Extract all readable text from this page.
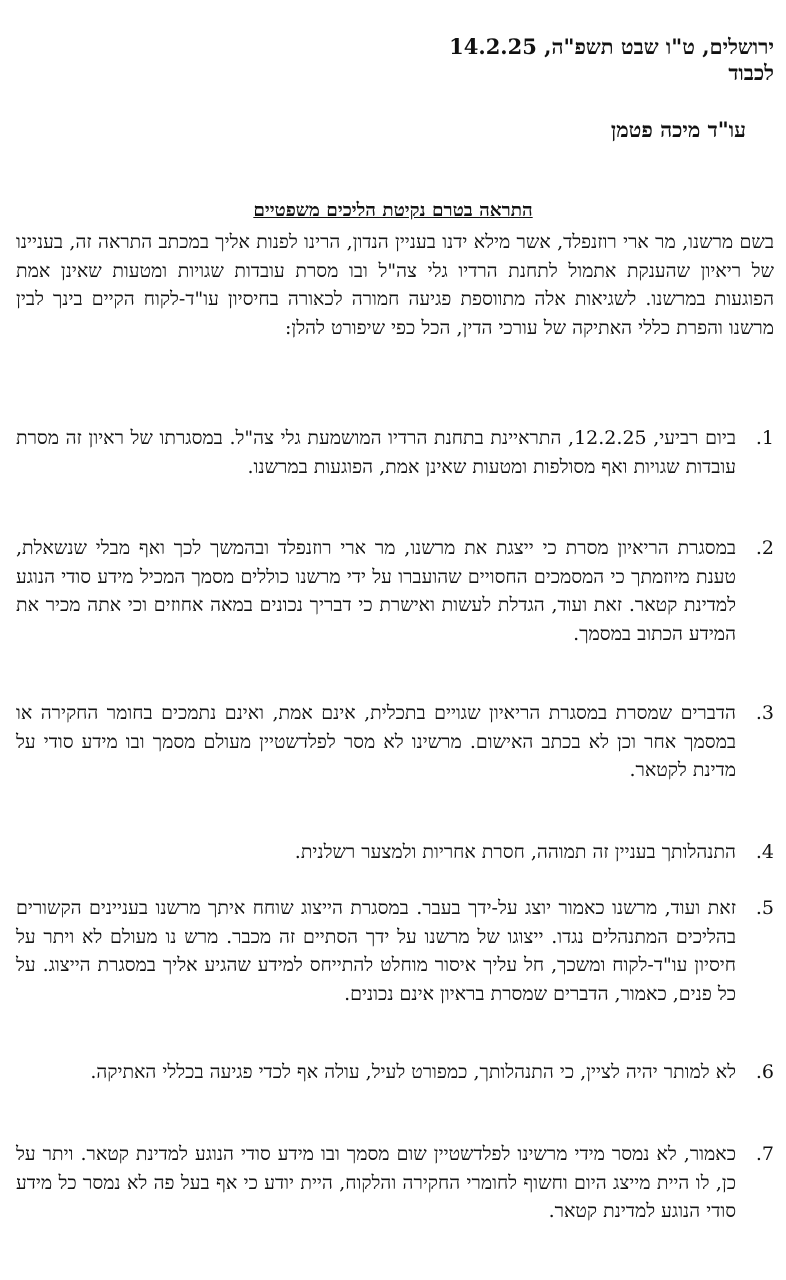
ירושלים, ט"ו שבט תשפ"ה, 14.2.25
לכבוד
עו"ד מיכה פטמן
התראה בטרם נקיטת הליכים משפטיים
בשם מרשנו, מר ארי רוזנפלד, אשר מילא ידנו בעניין הנדון, הרינו לפנות אליך במכתב התראה זה, בעניינו של ריאיון שהענקת אתמול לתחנת הרדיו גלי צה"ל ובו מסרת עובדות שגויות ומטעות שאינן אמת הפוגעות במרשנו. לשגיאות אלה מתווספת פגיעה חמורה לכאורה בחיסיון עו"ד-לקוח הקיים בינך לבין מרשנו והפרת כללי האתיקה של עורכי הדין, הכל כפי שיפורט להלן:
1.
ביום רביעי, 12.2.25, התראיינת בתחנת הרדיו המושמעת גלי צה"ל. במסגרתו של ראיון זה מסרת עובדות שגויות ואף מסולפות ומטעות שאינן אמת, הפוגעות במרשנו.
2.
במסגרת הריאיון מסרת כי ייצגת את מרשנו, מר ארי רוזנפלד ובהמשך לכך ואף מבלי שנשאלת, טענת מיוזמתך כי המסמכים החסויים שהועברו על ידי מרשנו כוללים מסמך המכיל מידע סודי הנוגע למדינת קטאר. זאת ועוד, הגדלת לעשות ואישרת כי דבריך נכונים במאה אחוזים וכי אתה מכיר את המידע הכתוב במסמך.
3.
הדברים שמסרת במסגרת הריאיון שגויים בתכלית, אינם אמת, ואינם נתמכים בחומר החקירה או במסמך אחר וכן לא בכתב האישום. מרשינו לא מסר לפלדשטיין מעולם מסמך ובו מידע סודי על מדינת לקטאר.
4.
התנהלותך בעניין זה תמוהה, חסרת אחריות ולמצער רשלנית.
5.
זאת ועוד, מרשנו כאמור יוצג על-ידך בעבר. במסגרת הייצוג שוחח איתך מרשנו בעניינים הקשורים בהליכים המתנהלים נגדו. ייצוגו של מרשנו על ידך הסתיים זה מכבר. מרש נו מעולם לא ויתר על חיסיון עו"ד-לקוח ומשכך, חל עליך איסור מוחלט להתייחס למידע שהגיע אליך במסגרת הייצוג. על כל פנים, כאמור, הדברים שמסרת בראיון אינם נכונים.
6.
לא למותר יהיה לציין, כי התנהלותך, כמפורט לעיל, עולה אף לכדי פגיעה בכללי האתיקה.
7.
כאמור, לא נמסר מידי מרשינו לפלדשטיין שום מסמך ובו מידע סודי הנוגע למדינת קטאר. ויתר על כן, לו היית מייצג היום וחשוף לחומרי החקירה והלקוח, היית יודע כי אף בעל פה לא נמסר כל מידע סודי הנוגע למדינת קטאר.
